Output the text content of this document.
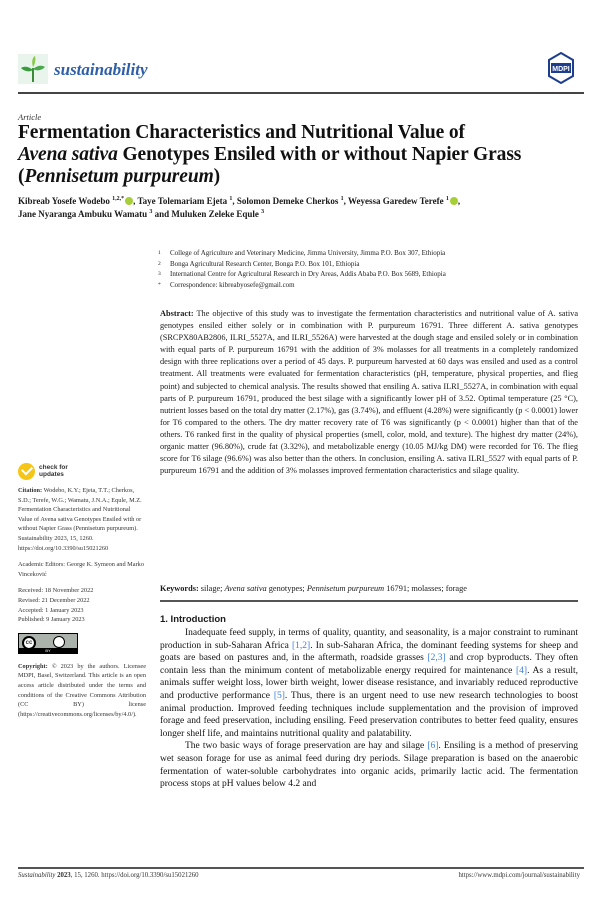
sustainability	MDPI
Article
Fermentation Characteristics and Nutritional Value of
Avena sativa Genotypes Ensiled with or without Napier Grass
(Pennisetum purpureum)
Kibreab Yosefe Wodebo $^{1,2,*}$ , Taye Tolemariam Ejeta $^1$, Solomon Demeke Cherkos $^1$, Weyessa Garedew Terefe $^1$ ,
Jane Nyaranga Ambuku Wamatu $^3$ and Muluken Zeleke Equle $^3$
1	College of Agriculture and Veterinary Medicine, Jimma University, Jimma P.O. Box 307, Ethiopia
2	Bonga Agricultural Research Center, Bonga P.O. Box 101, Ethiopia
3	International Centre for Agricultural Research in Dry Areas, Addis Ababa P.O. Box 5689, Ethiopia
*	Correspondence: kibreabyosefe@gmail.com
Abstract: The objective of this study was to investigate the fermentation characteristics and nutritional value of A. sativa genotypes ensiled either solely or in combination with P. purpureum 16791. Three different A. sativa genotypes (SRCPX80AB2806, ILRI_5527A, and ILRI_5526A) were harvested at the dough stage and ensiled solely or in combination with equal parts of P. purpureum 16791 with the addition of 3% molasses for all treatments in a completely randomized design with three replications over a period of 45 days. P. purpureum harvested at 60 days was ensiled and used as a control treatment. All treatments were evaluated for fermentation characteristics (pH, temperature, physical properties, and flieg point) and subjected to chemical analysis. The results showed that ensiling A. sativa ILRI_5527A, in combination with equal parts of P. purpureum 16791, produced the best silage with a significantly lower pH of 3.52. Optimal temperature (25 °C), nutrient losses based on the total dry matter (2.17%), gas (3.74%), and effluent (4.28%) were significantly (p < 0.0001) lower for T6 compared to the others. The dry matter recovery rate of T6 was significantly (p < 0.0001) higher than that of the others. T6 ranked first in the quality of physical properties (smell, color, mold, and texture). The highest dry matter (24%), organic matter (96.80%), crude fat (3.32%), and metabolizable energy (10.05 MJ/kg DM) were recorded for T6. The flieg score for T6 silage (96.6%) was also better than the others. In conclusion, ensiling A. sativa ILRI_5527 with equal parts of P. purpureum 16791 and the addition of 3% molasses improved fermentation characteristics and silage quality.
Keywords: silage; Avena sativa genotypes; Pennisetum purpureum 16791; molasses; forage
check for
updates
Citation: Wodebo, K.Y.; Ejeta, T.T.; Cherkos, S.D.; Terefe, W.G.; Wamatu, J.N.A.; Equle, M.Z. Fermentation Characteristics and Nutritional Value of Avena sativa Genotypes Ensiled with or without Napier Grass (Pennisetum purpureum). Sustainability 2023, 15, 1260. https://doi.org/10.3390/su15021260
Academic Editors: George K. Symeon and Marko Vinceković
Received: 18 November 2022
Revised: 21 December 2022
Accepted: 1 January 2023
Published: 9 January 2023
cc
BY
Copyright: © 2023 by the authors. Licensee MDPI, Basel, Switzerland. This article is an open access article distributed under the terms and conditions of the Creative Commons Attribution (CC BY) license (https://creativecommons.org/licenses/by/4.0/).
1. Introduction

Inadequate feed supply, in terms of quality, quantity, and seasonality, is a major constraint to ruminant production in sub-Saharan Africa [1,2]. In sub-Saharan Africa, the dominant feeding systems for sheep and goats are based on pastures and, in the aftermath, roadside grasses [2,3] and crop byproducts. They often contain less than the minimum content of metabolizable energy required for maintenance [4]. As a result, animals suffer weight loss, lower birth weight, lower disease resistance, and invariably reduced reproductive and productive performance [5]. Thus, there is an urgent need to use new research technologies to boost animal production. Improved feeding techniques include supplementation and the provision of improved forage and feed preservation, including ensiling. Feed preservation contributes to better feed quality, ensures longer shelf life, and maintains nutritional quality and palatability.

The two basic ways of forage preservation are hay and silage [6]. Ensiling is a method of preserving wet season forage for use as animal feed during dry periods. Silage preparation is based on the anaerobic fermentation of water-soluble carbohydrates into organic acids, primarily lactic acid. The fermentation process stops at pH values below 4.2 and

Sustainability 2023, 15, 1260. https://doi.org/10.3390/su15021260	https://www.mdpi.com/journal/sustainability
